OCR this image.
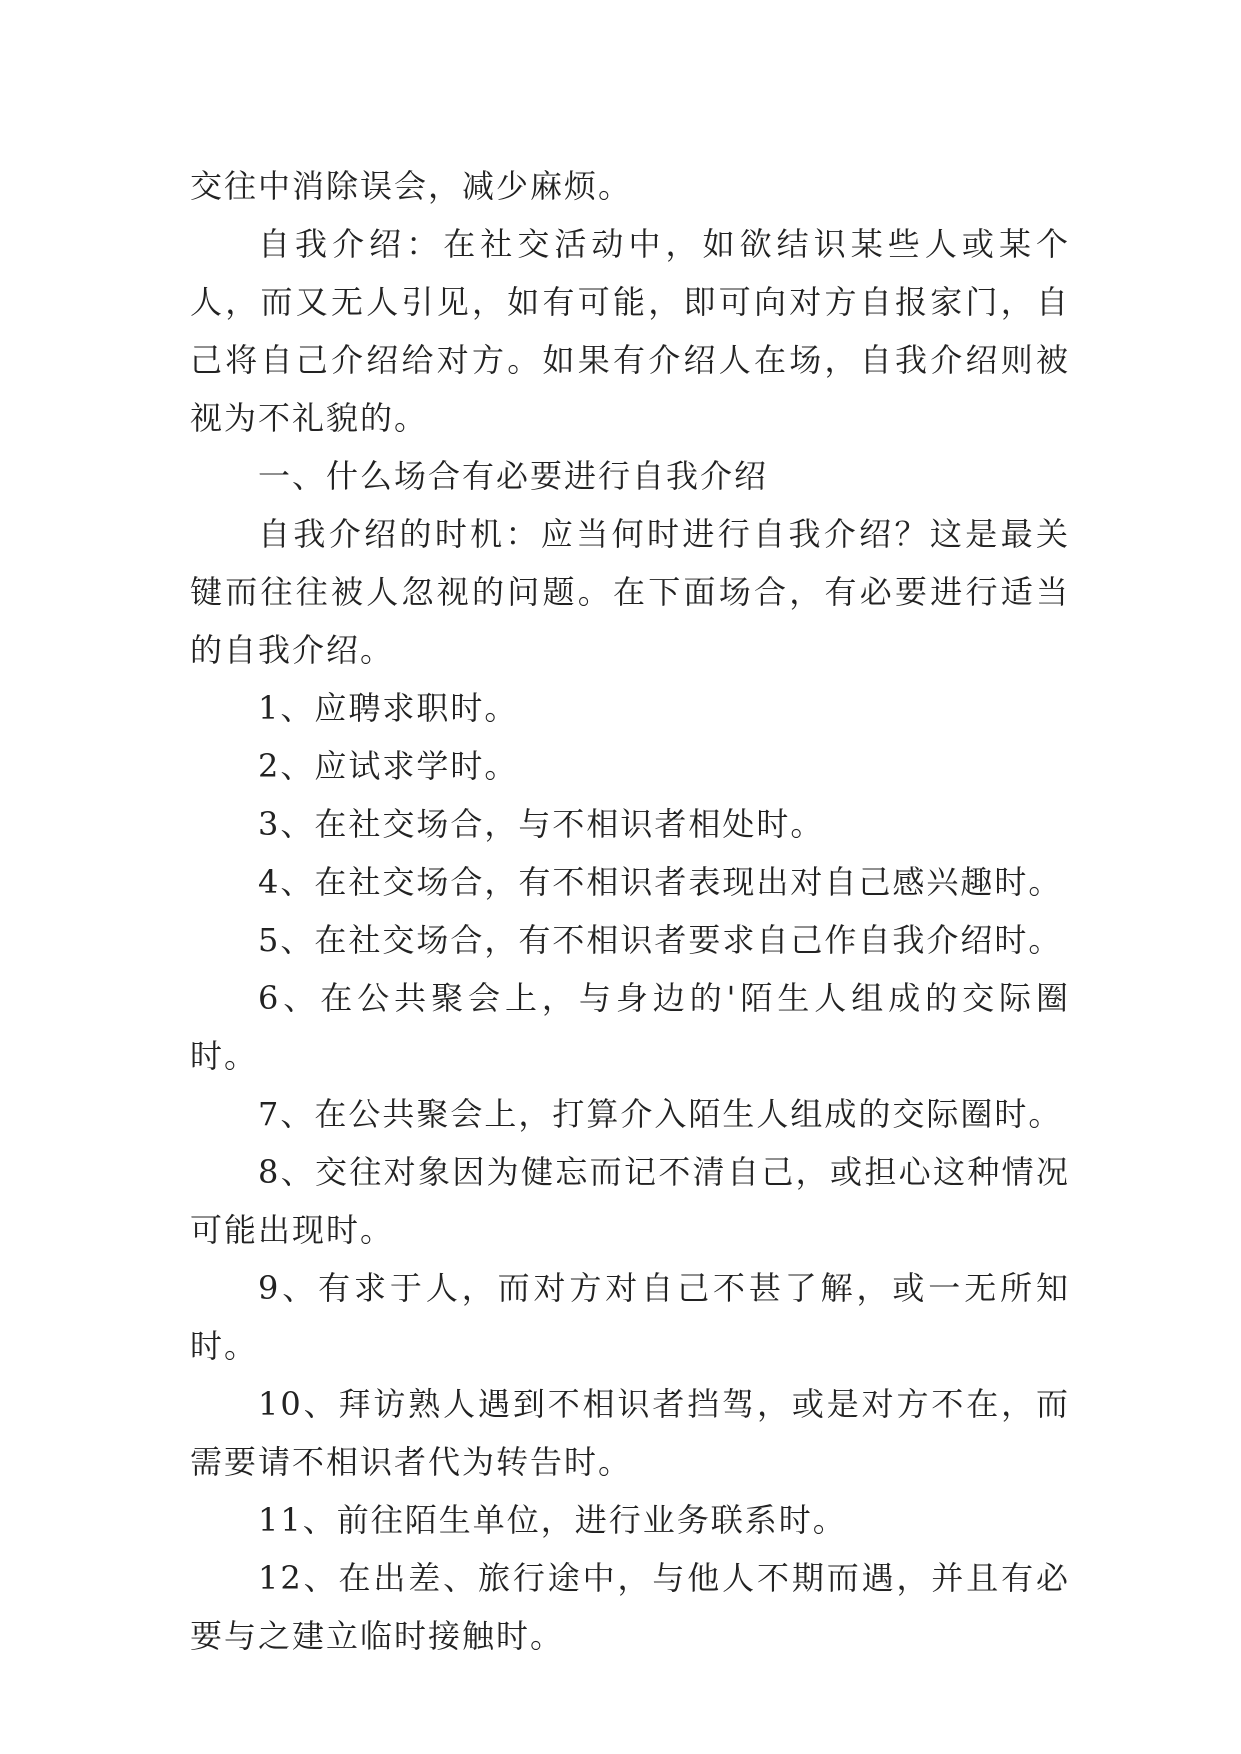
交往中消除误会，减少麻烦。

自我介绍：在社交活动中，如欲结识某些人或某个人，而又无人引见，如有可能，即可向对方自报家门，自己将自己介绍给对方。如果有介绍人在场，自我介绍则被视为不礼貌的。

一、什么场合有必要进行自我介绍

自我介绍的时机：应当何时进行自我介绍？这是最关键而往往被人忽视的问题。在下面场合，有必要进行适当的自我介绍。

1、应聘求职时。

2、应试求学时。

3、在社交场合，与不相识者相处时。

4、在社交场合，有不相识者表现出对自己感兴趣时。

5、在社交场合，有不相识者要求自己作自我介绍时。

6、在公共聚会上，与身边的'陌生人组成的交际圈时。

7、在公共聚会上，打算介入陌生人组成的交际圈时。

8、交往对象因为健忘而记不清自己，或担心这种情况可能出现时。

9、有求于人，而对方对自己不甚了解，或一无所知时。

10、拜访熟人遇到不相识者挡驾，或是对方不在，而需要请不相识者代为转告时。

11、前往陌生单位，进行业务联系时。

12、在出差、旅行途中，与他人不期而遇，并且有必要与之建立临时接触时。
